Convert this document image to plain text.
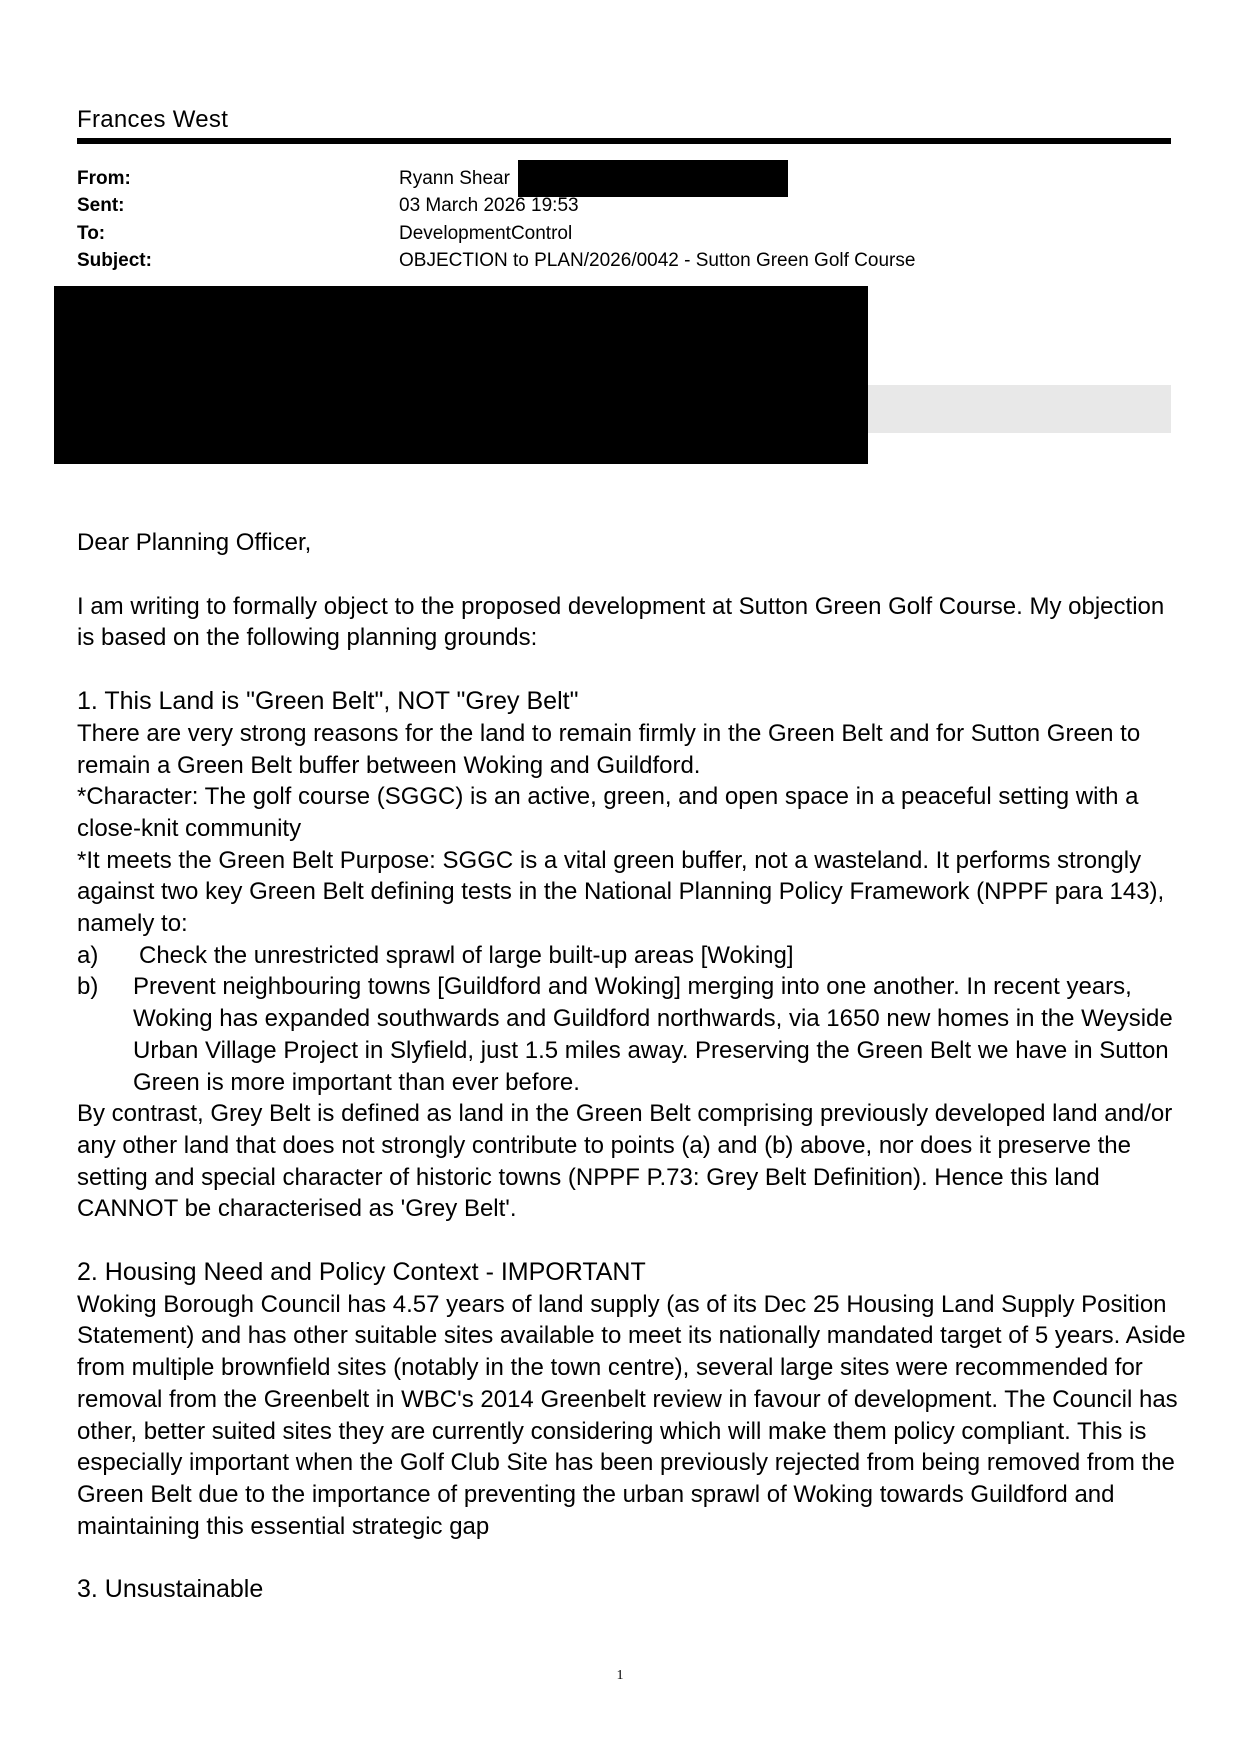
Frances West
From:	Ryann Shear
Sent:	03 March 2026 19:53
To:	DevelopmentControl
Subject:	OBJECTION to PLAN/2026/0042 - Sutton Green Golf Course

Dear Planning Officer,

I am writing to formally object to the proposed development at Sutton Green Golf Course. My objection is based on the following planning grounds:

1. This Land is "Green Belt", NOT "Grey Belt"

There are very strong reasons for the land to remain firmly in the Green Belt and for Sutton Green to remain a Green Belt buffer between Woking and Guildford.

*Character: The golf course (SGGC) is an active, green, and open space in a peaceful setting with a close-knit community

*It meets the Green Belt Purpose: SGGC is a vital green buffer, not a wasteland. It performs strongly against two key Green Belt defining tests in the National Planning Policy Framework (NPPF para 143), namely to:

a)	Check the unrestricted sprawl of large built-up areas [Woking]
b)	Prevent neighbouring towns [Guildford and Woking] merging into one another. In recent years, Woking has expanded southwards and Guildford northwards, via 1650 new homes in the Weyside Urban Village Project in Slyfield, just 1.5 miles away. Preserving the Green Belt we have in Sutton Green is more important than ever before.

By contrast, Grey Belt is defined as land in the Green Belt comprising previously developed land and/or any other land that does not strongly contribute to points (a) and (b) above, nor does it preserve the setting and special character of historic towns (NPPF P.73: Grey Belt Definition). Hence this land CANNOT be characterised as 'Grey Belt'.

2. Housing Need and Policy Context - IMPORTANT

Woking Borough Council has 4.57 years of land supply (as of its Dec 25 Housing Land Supply Position Statement) and has other suitable sites available to meet its nationally mandated target of 5 years. Aside from multiple brownfield sites (notably in the town centre), several large sites were recommended for removal from the Greenbelt in WBC's 2014 Greenbelt review in favour of development. The Council has other, better suited sites they are currently considering which will make them policy compliant. This is especially important when the Golf Club Site has been previously rejected from being removed from the Green Belt due to the importance of preventing the urban sprawl of Woking towards Guildford and maintaining this essential strategic gap

3. Unsustainable

1
